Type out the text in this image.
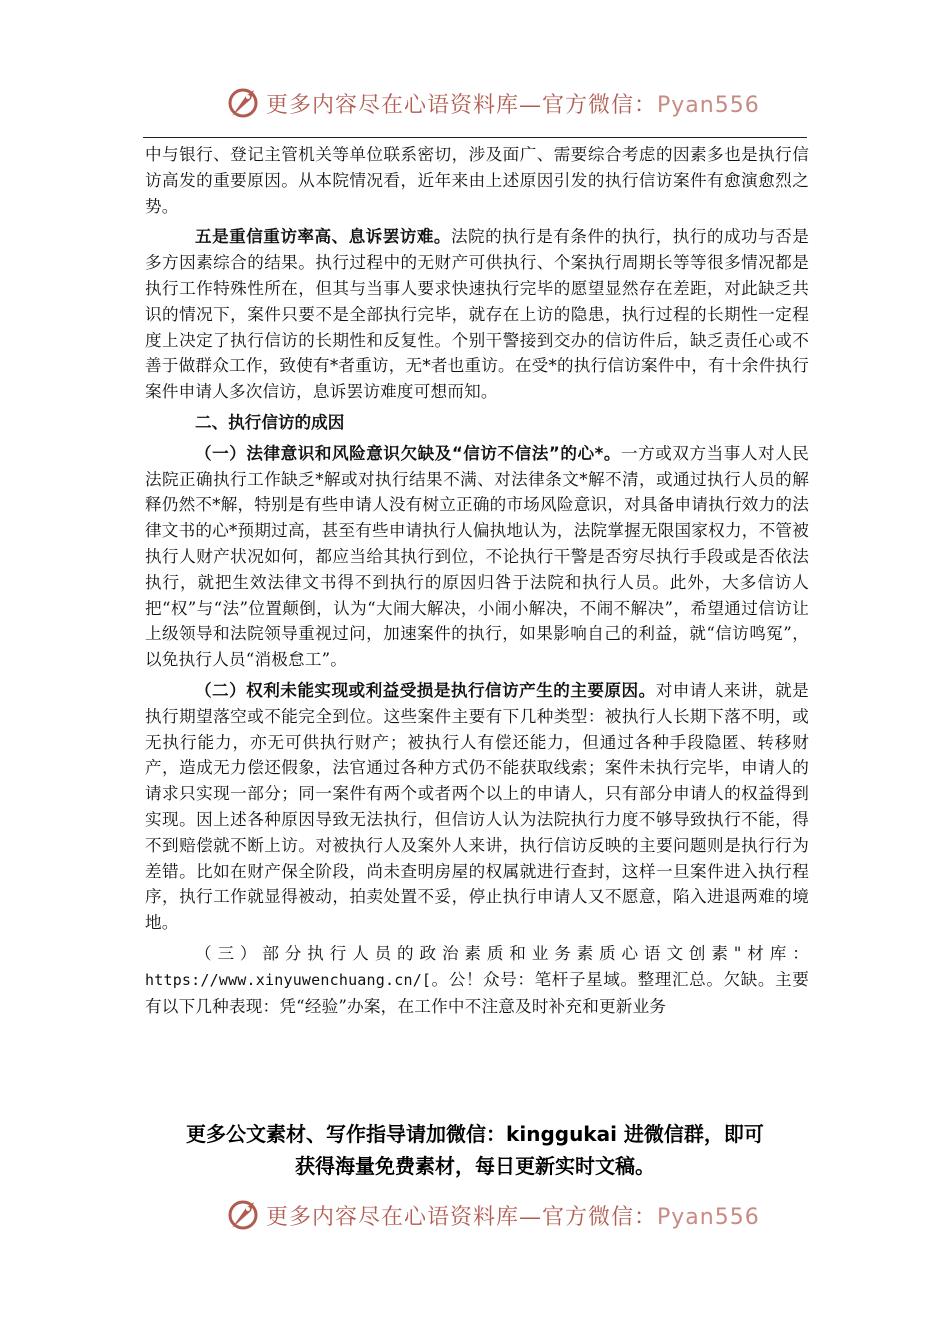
更多内容尽在心语资料库—官方微信：Pyan556

中与银行、登记主管机关等单位联系密切，涉及面广、需要综合考虑的因素多也是执行信访高发的重要原因。从本院情况看，近年来由上述原因引发的执行信访案件有愈演愈烈之势。

五是重信重访率高、息诉罢访难。法院的执行是有条件的执行，执行的成功与否是多方因素综合的结果。执行过程中的无财产可供执行、个案执行周期长等等很多情况都是执行工作特殊性所在，但其与当事人要求快速执行完毕的愿望显然存在差距，对此缺乏共识的情况下，案件只要不是全部执行完毕，就存在上访的隐患，执行过程的长期性一定程度上决定了执行信访的长期性和反复性。个别干警接到交办的信访件后，缺乏责任心或不善于做群众工作，致使有*者重访，无*者也重访。在受*的执行信访案件中，有十余件执行案件申请人多次信访，息诉罢访难度可想而知。

二、执行信访的成因

（一）法律意识和风险意识欠缺及“信访不信法”的心*。一方或双方当事人对人民法院正确执行工作缺乏*解或对执行结果不满、对法律条文*解不清，或通过执行人员的解释仍然不*解，特别是有些申请人没有树立正确的市场风险意识，对具备申请执行效力的法律文书的心*预期过高，甚至有些申请执行人偏执地认为，法院掌握无限国家权力，不管被执行人财产状况如何，都应当给其执行到位，不论执行干警是否穷尽执行手段或是否依法执行，就把生效法律文书得不到执行的原因归咎于法院和执行人员。此外，大多信访人把“权”与“法”位置颠倒，认为“大闹大解决，小闹小解决，不闹不解决”，希望通过信访让上级领导和法院领导重视过问，加速案件的执行，如果影响自己的利益，就“信访鸣冤”，以免执行人员“消极怠工”。

（二）权利未能实现或利益受损是执行信访产生的主要原因。对申请人来讲，就是执行期望落空或不能完全到位。这些案件主要有下几种类型：被执行人长期下落不明，或无执行能力，亦无可供执行财产；被执行人有偿还能力，但通过各种手段隐匿、转移财产，造成无力偿还假象，法官通过各种方式仍不能获取线索；案件未执行完毕，申请人的请求只实现一部分；同一案件有两个或者两个以上的申请人，只有部分申请人的权益得到实现。因上述各种原因导致无法执行，但信访人认为法院执行力度不够导致执行不能，得不到赔偿就不断上访。对被执行人及案外人来讲，执行信访反映的主要问题则是执行行为差错。比如在财产保全阶段，尚未查明房屋的权属就进行查封，这样一旦案件进入执行程序，执行工作就显得被动，拍卖处置不妥，停止执行申请人又不愿意，陷入进退两难的境地。

（三）部分执行人员的政治素质和业务素质心语文创素"材库：https://www.xinyuwenchuang.cn/[。公！众号：笔杆子星域。整理汇总。欠缺。主要有以下几种表现：凭“经验”办案，在工作中不注意及时补充和更新业务

更多公文素材、写作指导请加微信：kinggukai 进微信群，即可
获得海量免费素材，每日更新实时文稿。
更多内容尽在心语资料库—官方微信：Pyan556
